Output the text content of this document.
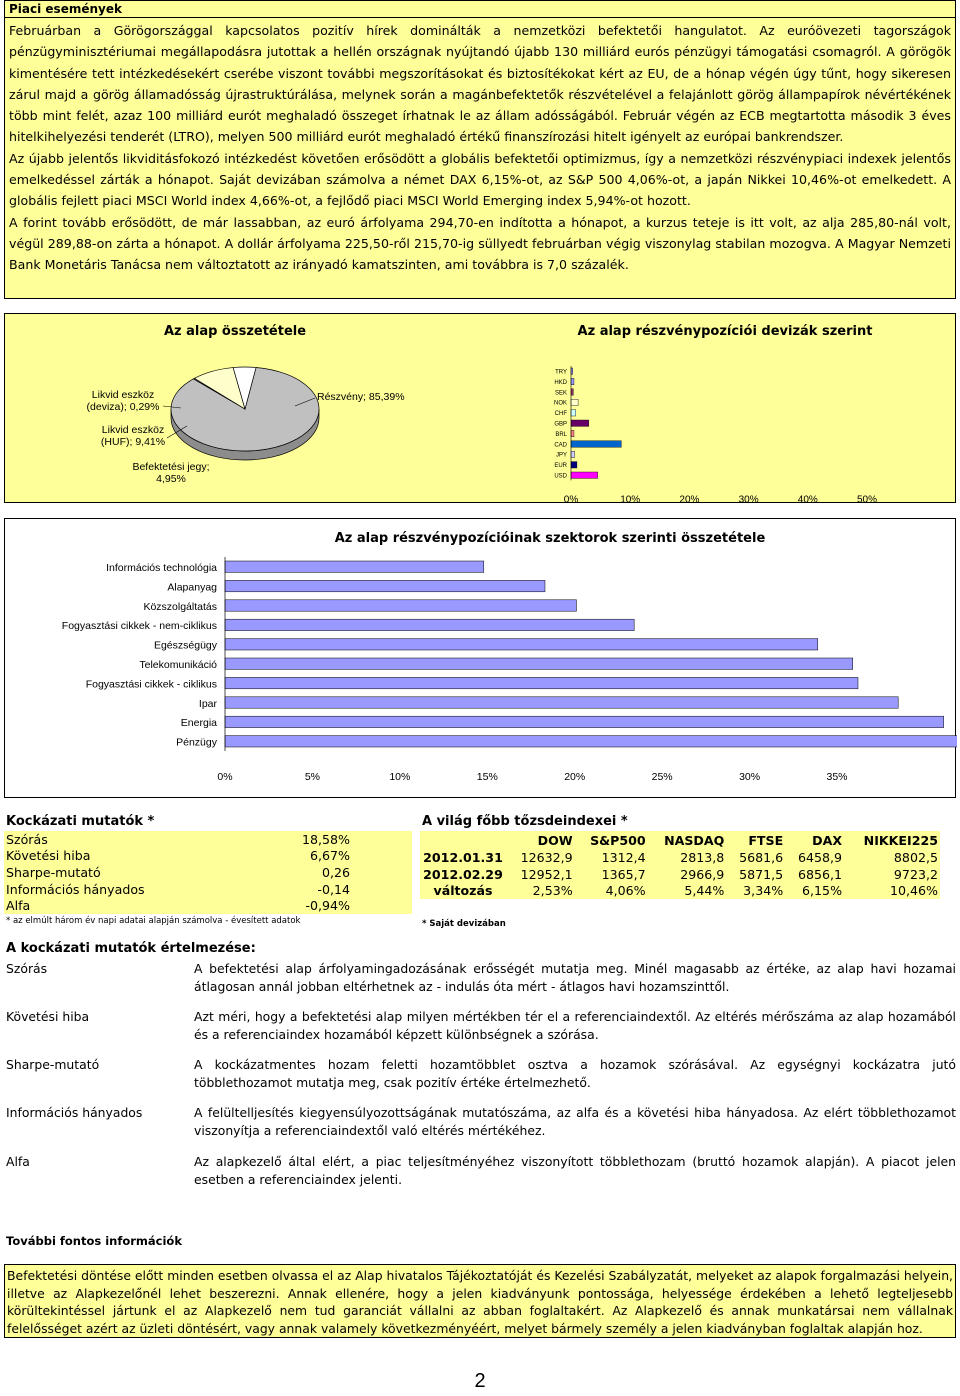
Piaci események

Februárban a Görögországgal kapcsolatos pozitív hírek dominálták a nemzetközi befektetői hangulatot. Az euróövezeti tagországok pénzügyminisztériumai megállapodásra jutottak a hellén országnak nyújtandó újabb 130 milliárd eurós pénzügyi támogatási csomagról. A görögök kimentésére tett intézkedésekért cserébe viszont további megszorításokat és biztosítékokat kért az EU, de a hónap végén úgy tűnt, hogy sikeresen zárul majd a görög államadósság újrastruktúrálása, melynek során a magánbefektetők részvételével a felajánlott görög állampapírok névértékének több mint felét, azaz 100 milliárd eurót meghaladó összeget írhatnak le az állam adósságából. Február végén az ECB megtartotta második 3 éves hitelkihelyezési tenderét (LTRO), melyen 500 milliárd eurót meghaladó értékű finanszírozási hitelt igényelt az európai bankrendszer.

Az újabb jelentős likviditásfokozó intézkedést követően erősödött a globális befektetői optimizmus, így a nemzetközi részvénypiaci indexek jelentős emelkedéssel zárták a hónapot. Saját devizában számolva a német DAX 6,15%-ot, az S&P 500 4,06%-ot, a japán Nikkei 10,46%-ot emelkedett. A globális fejlett piaci MSCI World index 4,66%-ot, a fejlődő piaci MSCI World Emerging index 5,94%-ot hozott.

A forint tovább erősödött, de már lassabban, az euró árfolyama 294,70-en indította a hónapot, a kurzus teteje is itt volt, az alja 285,80-nál volt, végül 289,88-on zárta a hónapot. A dollár árfolyama 225,50-ről 215,70-ig süllyedt februárban végig viszonylag stabilan mozogva. A Magyar Nemzeti Bank Monetáris Tanácsa nem változtatott az irányadó kamatszinten, ami továbbra is 7,0 százalék.

Az alap összetétele
Részvény; 85,39%
Likvid eszköz
(deviza); 0,29%
Likvid eszköz
(HUF); 9,41%
Befektetési jegy;
4,95%
Az alap részvénypozíciói devizák szerint
TRY
HKD
SEK
NOK
CHF
GBP
BRL
CAD
JPY
EUR
USD
0%	10%	20%	30%	40%	50%
Az alap részvénypozícióinak szektorok szerinti összetétele
Információs technológia
Alapanyag
Közszolgáltatás
Fogyasztási cikkek - nem-ciklikus
Egészségügy
Telekomunikáció
Fogyasztási cikkek - ciklikus
Ipar
Energia
Pénzügy
0%	5%	10%	15%	20%	25%	30%	35%
Kockázati mutatók *
Szórás	18,58%
Követési hiba	6,67%
Sharpe-mutató	0,26
Információs hányados	-0,14
Alfa	-0,94%
* az elmúlt három év napi adatai alapján számolva - évesített adatok
A világ főbb tőzsdeindexei *
	DOW	S&P500	NASDAQ	FTSE	DAX	NIKKEI225
2012.01.31	12632,9	1312,4	2813,8	5681,6	6458,9	8802,5
2012.02.29	12952,1	1365,7	2966,9	5871,5	6856,1	9723,2
változás	2,53%	4,06%	5,44%	3,34%	6,15%	10,46%
* Saját devizában
A kockázati mutatók értelmezése:
Szórás	A befektetési alap árfolyamingadozásának erősségét mutatja meg. Minél magasabb az értéke, az alap havi hozamai átlagosan annál jobban eltérhetnek az - indulás óta mért - átlagos havi hozamszinttől.
Követési hiba	Azt méri, hogy a befektetési alap milyen mértékben tér el a referenciaindextől. Az eltérés mérőszáma az alap hozamából és a referenciaindex hozamából képzett különbségnek a szórása.
Sharpe-mutató	A kockázatmentes hozam feletti hozamtöbblet osztva a hozamok szórásával. Az egységnyi kockázatra jutó többlethozamot mutatja meg, csak pozitív értéke értelmezhető.
Információs hányados	A felültelljesítés kiegyensúlyozottságának mutatószáma, az alfa és a követési hiba hányadosa. Az elért többlethozamot viszonyítja a referenciaindextől való eltérés mértékéhez.
Alfa	Az alapkezelő által elért, a piac teljesítményéhez viszonyított többlethozam (bruttó hozamok alapján). A piacot jelen esetben a referenciaindex jelenti.
További fontos információk
Befektetési döntése előtt minden esetben olvassa el az Alap hivatalos Tájékoztatóját és Kezelési Szabályzatát, melyeket az alapok forgalmazási helyein, illetve az Alapkezelőnél lehet beszerezni. Annak ellenére, hogy a jelen kiadványunk pontossága, helyessége érdekében a lehető legteljesebb körültekintéssel jártunk el az Alapkezelő nem tud garanciát vállalni az abban foglaltakért. Az Alapkezelő és annak munkatársai nem vállalnak felelősséget azért az üzleti döntésért, vagy annak valamely következményéért, melyet bármely személy a jelen kiadványban foglaltak alapján hoz.
2
